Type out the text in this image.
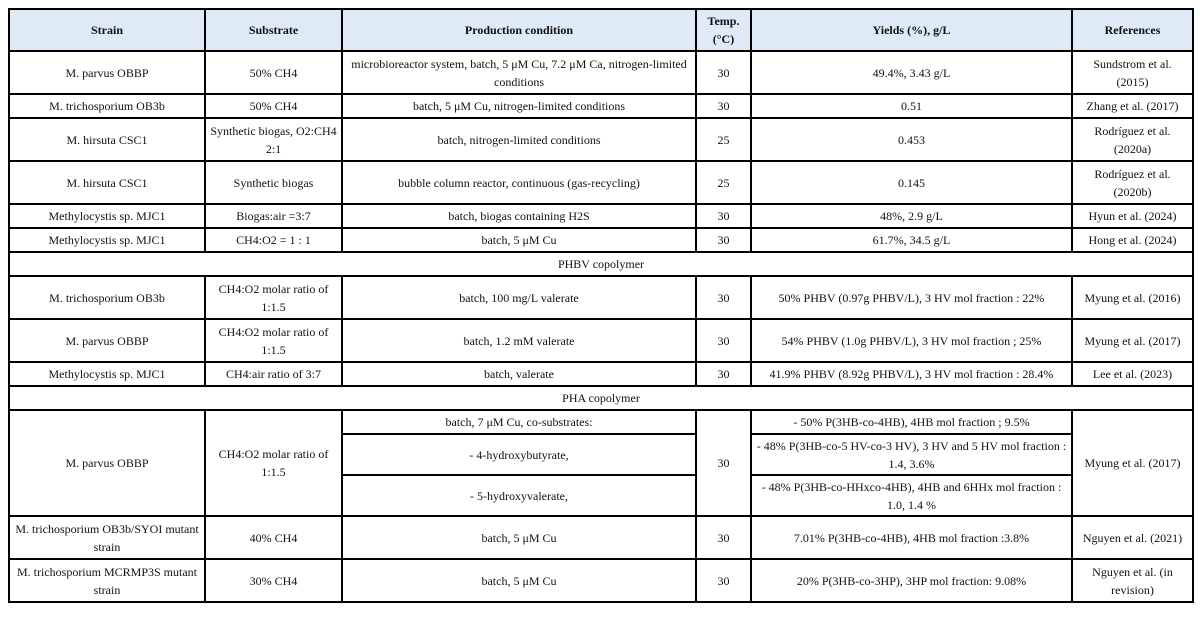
Strain	Substrate	Production condition	Temp. (°C)	Yields (%), g/L	References
M. parvus OBBP	50% CH4	microbioreactor system, batch, 5 μM Cu, 7.2 μM Ca, nitrogen-limited conditions	30	49.4%, 3.43 g/L	Sundstrom et al. (2015)
M. trichosporium OB3b	50% CH4	batch, 5 μM Cu, nitrogen-limited conditions	30	0.51	Zhang et al. (2017)
M. hirsuta CSC1	Synthetic biogas, O2:CH4 2:1	batch, nitrogen-limited conditions	25	0.453	Rodríguez et al. (2020a)
M. hirsuta CSC1	Synthetic biogas	bubble column reactor, continuous (gas-recycling)	25	0.145	Rodríguez et al. (2020b)
Methylocystis sp. MJC1	Biogas:air =3:7	batch, biogas containing H2S	30	48%, 2.9 g/L	Hyun et al. (2024)
Methylocystis sp. MJC1	CH4:O2 = 1 : 1	batch, 5 μM Cu	30	61.7%, 34.5 g/L	Hong et al. (2024)
PHBV copolymer					
M. trichosporium OB3b	CH4:O2 molar ratio of 1:1.5	batch, 100 mg/L valerate	30	50% PHBV (0.97g PHBV/L), 3 HV mol fraction : 22%	Myung et al. (2016)
M. parvus OBBP	CH4:O2 molar ratio of 1:1.5	batch, 1.2 mM valerate	30	54% PHBV (1.0g PHBV/L), 3 HV mol fraction ; 25%	Myung et al. (2017)
Methylocystis sp. MJC1	CH4:air ratio of 3:7	batch, valerate	30	41.9% PHBV (8.92g PHBV/L), 3 HV mol fraction : 28.4%	Lee et al. (2023)
PHA copolymer					
M. parvus OBBP	CH4:O2 molar ratio of 1:1.5	batch, 7 μM Cu, co-substrates:	30	- 50% P(3HB-co-4HB), 4HB mol fraction ; 9.5%	Myung et al. (2017)
		- 4-hydroxybutyrate,		- 48% P(3HB-co-5 HV-co-3 HV), 3 HV and 5 HV mol fraction : 1.4, 3.6%	
		- 5-hydroxyvalerate,		- 48% P(3HB-co-HHxco-4HB), 4HB and 6HHx mol fraction : 1.0, 1.4 %	
M. trichosporium OB3b/SYOI mutant strain	40% CH4	batch, 5 μM Cu	30	7.01% P(3HB-co-4HB), 4HB mol fraction :3.8%	Nguyen et al. (2021)
M. trichosporium MCRMP3S mutant strain	30% CH4	batch, 5 μM Cu	30	20% P(3HB-co-3HP), 3HP mol fraction: 9.08%	Nguyen et al. (in revision)
